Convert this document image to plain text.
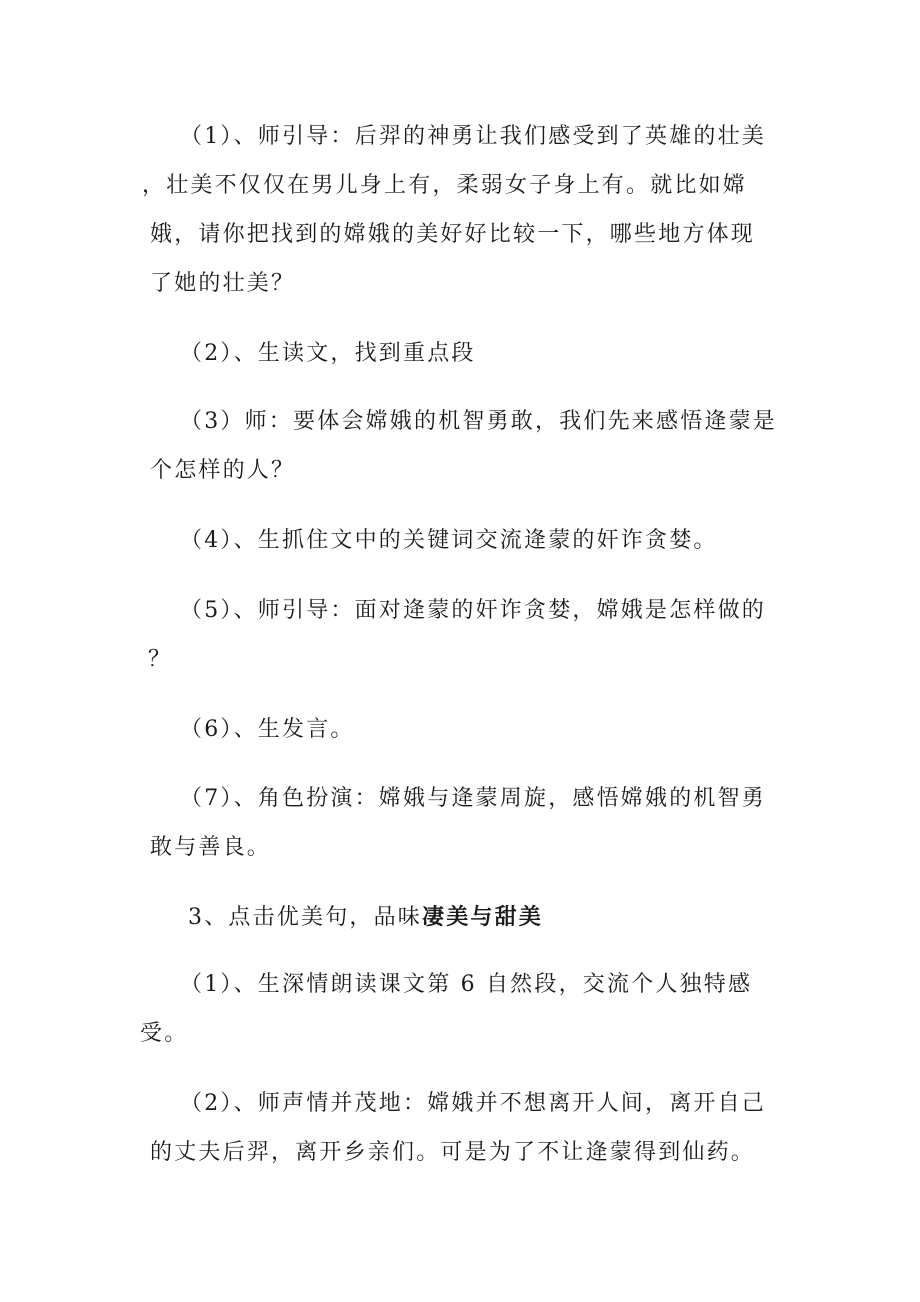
（1）、师引导：后羿的神勇让我们感受到了英雄的壮美
，壮美不仅仅在男儿身上有，柔弱女子身上有。就比如嫦
娥，请你把找到的嫦娥的美好好比较一下，哪些地方体现
了她的壮美？
（2）、生读文，找到重点段
（3）师：要体会嫦娥的机智勇敢，我们先来感悟逄蒙是
个怎样的人？
（4）、生抓住文中的关键词交流逄蒙的奸诈贪婪。
（5）、师引导：面对逄蒙的奸诈贪婪，嫦娥是怎样做的
？
（6）、生发言。
（7）、角色扮演：嫦娥与逄蒙周旋，感悟嫦娥的机智勇
敢与善良。
3、点击优美句，品味凄美与甜美
（1）、生深情朗读课文第 6 自然段，交流个人独特感
受。
（2）、师声情并茂地：嫦娥并不想离开人间，离开自己
的丈夫后羿，离开乡亲们。可是为了不让逄蒙得到仙药。
